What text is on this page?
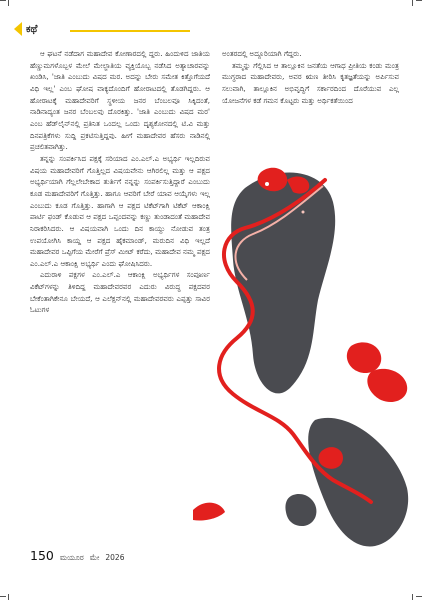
ಕಥೆ

ಆ ಘಟನೆ ನಡೆದಾಗ ಮಹಾದೇವ ಕೋಣಾರದಲ್ಲಿ ದ್ದರು. ಹಿಂದುಳಿದ ಜಾತಿಯ ಹೆಣ್ಣುಮಗಳೊಬ್ಬಳ ಮೇಲೆ ಮೇಲ್ಜಾತಿಯ ವ್ಯಕ್ತಿಯೊಬ್ಬ ನಡೆಸಿದ ಅತ್ಯಾಚಾರವನ್ನು ಖಂಡಿಸಿ, 'ಜಾತಿ ಎಂಬುದು ವಿಷದ ಮರ. ಅದನ್ನು ಬೇರು ಸಮೇತ ಕಿತ್ತೊಗೆಯದೆ ವಿಧಿ ಇಲ್ಲ' ಎಂಬ ಘೋಷ ವಾಕ್ಯದೊಂದಿಗೆ ಹೋರಾಟದಲ್ಲಿ ತೊಡಗಿದ್ದರು. ಆ ಹೋರಾಟಕ್ಕೆ ಮಹಾದೇವರಿಗೆ ಸ್ಥಳೀಯ ಜನರ ಬೆಂಬಲವೂ ಸಿಕ್ಕಿದಂತೆ, ನಾಡಿನಾದ್ಯಂತ ಜನರ ಬೆಂಬಲವು ದೊರಕಿತ್ತು. 'ಜಾತಿ ಎಂಬುದು ವಿಷದ ಮರ' ಎಂಬ ಹೆಡ್‌ಲೈನ್‌ನಲ್ಲಿ ಪ್ರತಿನಿತ ಒಂದಲ್ಲ ಒಂದು ದೃಶ್ಯಕೋನದಲ್ಲಿ ಟಿ.ವಿ ಮತ್ತು ದಿನಪತ್ರಿಕೆಗಳು ಸುದ್ದಿ ಪ್ರಕಟಿಸುತ್ತಿದ್ದವು. ಹೀಗೆ ಮಹಾದೇವರ ಹೆಸರು ನಾಡಿನಲ್ಲಿ ಪ್ರಚಲಿತವಾಗಿತ್ತು.

ತನ್ನನ್ನು ಸಂಪರ್ಕಿಸಿದ ಪಕ್ಷಕ್ಕೆ ಸರಿಯಾದ ಎಂ.ಎಲ್.ಎ ಅಭ್ಯರ್ಥಿ ಇಲ್ಲದಿರುವ ವಿಷಯ ಮಹಾದೇವರಿಗೆ ಗೊತ್ತಿಲ್ಲದ ವಿಷಯವೇನು ಆಗಿರಲಿಲ್ಲ ಮತ್ತು ಆ ಪಕ್ಷದ ಅಭ್ಯರ್ಥಿಯಾಗಿ ಗೆಲ್ಲಲೇಬೇಕಾದ ತುರ್ತಿಗೆ ನನ್ನನ್ನು ಸಂಪರ್ಕಿಸುತ್ತಿದ್ದಾರೆ ಎಂಬುದು ಕೂಡ ಮಹಾದೇವರಿಗೆ ಗೊತ್ತಿತ್ತು. ಹಾಗೂ ಆವರಿಗೆ ಬೇರೆ ಯಾವ ಆಯ್ಕೆಗಳು ಇಲ್ಲ ಎಂಬುದು ಕೂಡ ಗೊತ್ತಿತ್ತು. ಹಾಗಾಗಿ ಆ ಪಕ್ಷದ ಟಿಕೆಟ್‌ಗಾಗಿ ಟಿಕೆಟ್ ಆಕಾಂಕ್ಷಿ ಪಾರ್ಟಿ ಫಂಡ್ ಕೊಡುವ ಆ ಪಕ್ಷದ ಒಪ್ಪಂದವನ್ನು ಕಣ್ಣು ತುಂಡಾದಂತೆ ಮಹಾದೇವ ನಿರಾಕರಿಸಿದರು. ಆ ವಿಷಯವಾಗಿ ಒಂದು ದಿನ ಕಾಯ್ದು ನೋಡುವ ತಂತ್ರ ಉಪಯೋಗಿಸಿ ಕಾಯ್ದ ಆ ಪಕ್ಷದ ಹೈಕಮಾಂಡ್, ಮರುದಿನ ವಿಧಿ ಇಲ್ಲದೆ ಮಹಾದೇವರ ಒಪ್ಪಿಗೆಯ ಮೇರೆಗೆ ಪ್ರೆಸ್ ಮೀಟ್ ಕರೆದು, ಮಹಾದೇವ ನಮ್ಮ ಪಕ್ಷದ ಎಂ.ಎಲ್.ಎ ಆಕಾಂಕ್ಷಿ ಅಭ್ಯರ್ಥಿ ಎಂದು ಘೋಷಿಸಿದರು.

ಎದುರಾಳಿ ಪಕ್ಷಗಳ ಎಂ.ಎಲ್.ಎ ಆಕಾಂಕ್ಷಿ ಅಭ್ಯರ್ಥಿಗಳ ಸಂಪೂರ್ಣ ವಿಕೆಟ್‌ಗಳನ್ನು ತಿಳಿದಿದ್ದ ಮಹಾದೇವರವರ ಎದುರು ವಿರುದ್ಧ ಪಕ್ಷದವರ ಬೇಕೆಂತಾಗಿಕೇನೂ ಬೇಯದೆ, ಆ ಎಲೆಕ್ಷನ್‌ನಲ್ಲಿ ಮಹಾದೇವರವರು ಎಪ್ಪತ್ತು ಸಾವಿರ ಓಟುಗಳ

ಅಂತರದಲ್ಲಿ ಅದ್ದೂರಿಯಾಗಿ ಗೆದ್ದರು.

ತಮ್ಮನ್ನು ಗೆಲ್ಲಿಸಿದ ಆ ತಾಲ್ಲೂಕಿನ ಜನತೆಯ ಆಗಾಧ ಪ್ರೀತಿಯ ಕಂಡು ಮಂತ್ರ ಮುಗ್ಧರಾದ ಮಹಾದೇವರು, ಅವರ ಋಣ ತೀರಿಸಿ ಕೃತಜ್ಞತೆಯನ್ನು ಅರ್ಪಿಸುವ ಸಲುವಾಗಿ, ತಾಲ್ಲೂಕಿನ ಅಭಿವೃದ್ಧಿಗೆ ಸರ್ಕಾರದಿಂದ ದೊರೆಯುವ ಎಲ್ಲ ಯೋಜನೆಗಳ ಕಡೆ ಗಮನ ಕೊಟ್ಟರು ಮತ್ತು ಅರ್ಥಿಕತೆಯಿಂದ

150 ಮಯೂರ ಮೇ 2026
